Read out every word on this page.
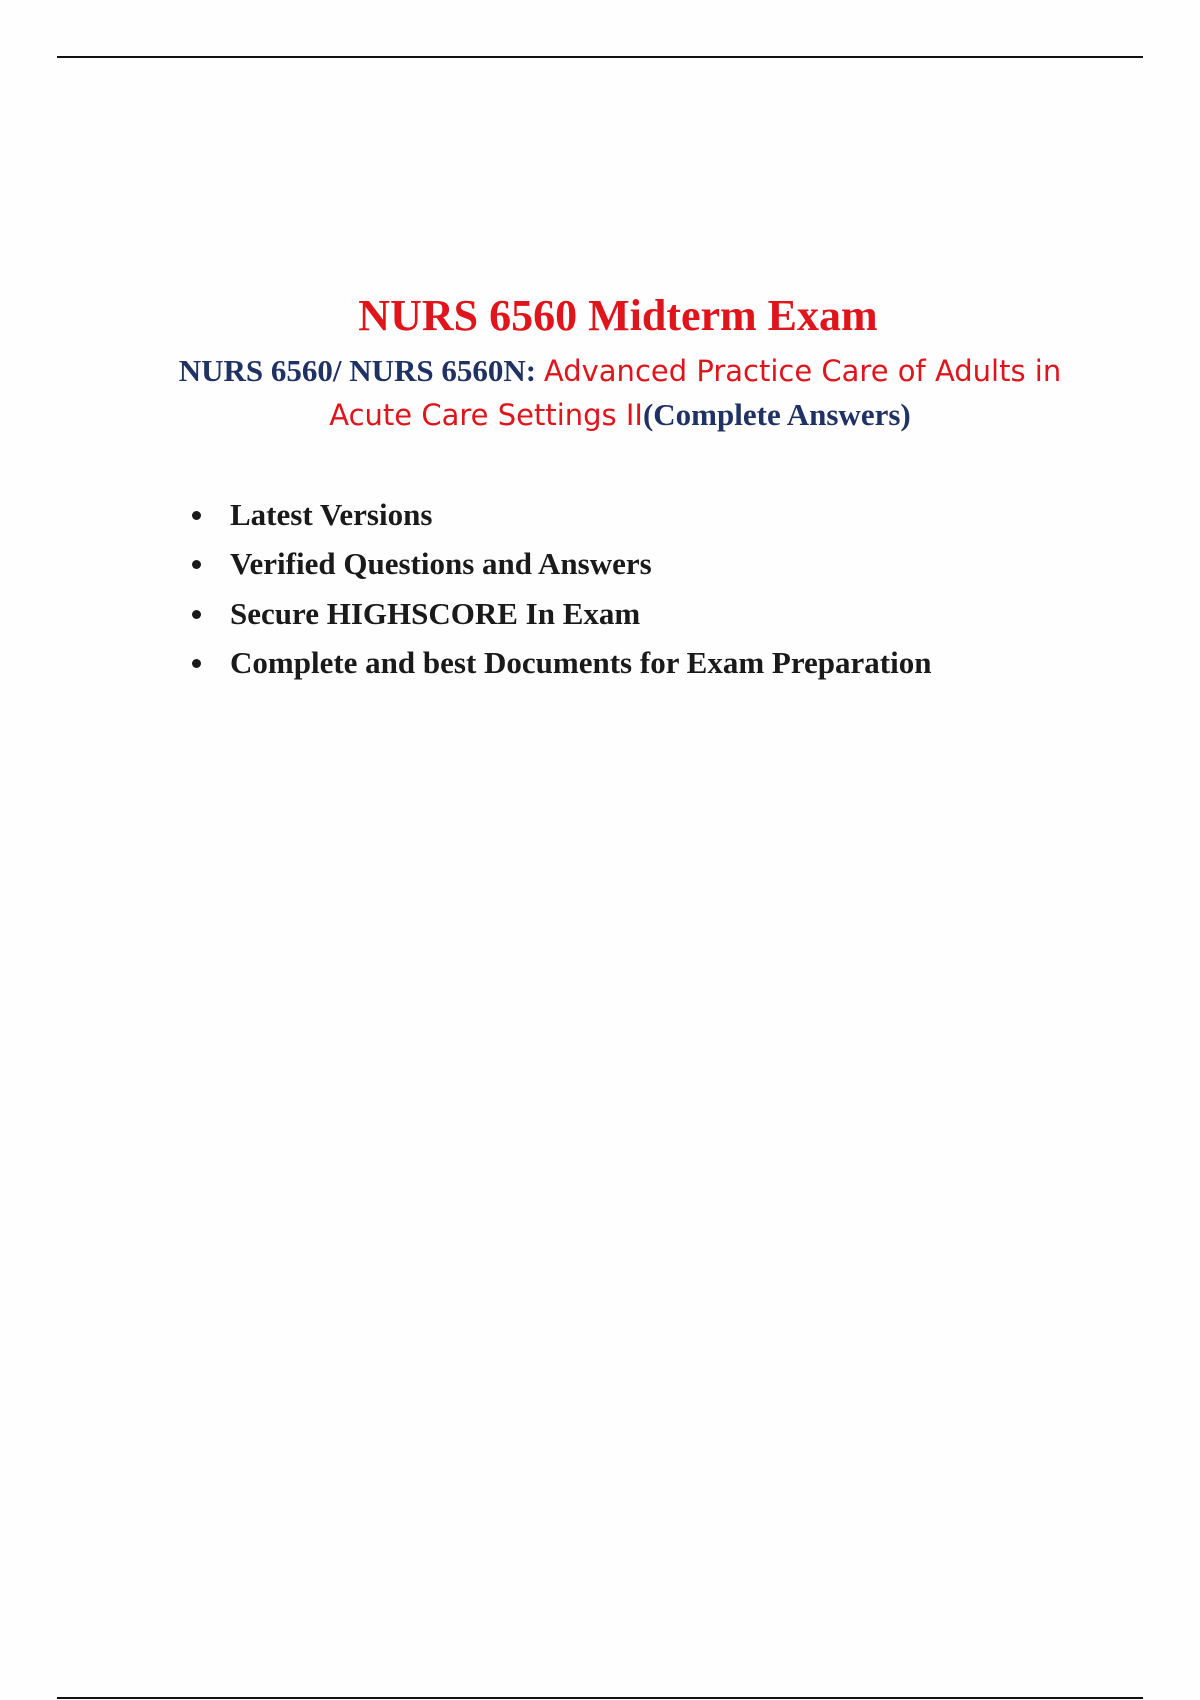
NURS 6560 Midterm Exam

NURS 6560/ NURS 6560N: Advanced Practice Care of Adults in Acute Care Settings II(Complete Answers)

Latest Versions
Verified Questions and Answers
Secure HIGHSCORE In Exam
Complete and best Documents for Exam Preparation
